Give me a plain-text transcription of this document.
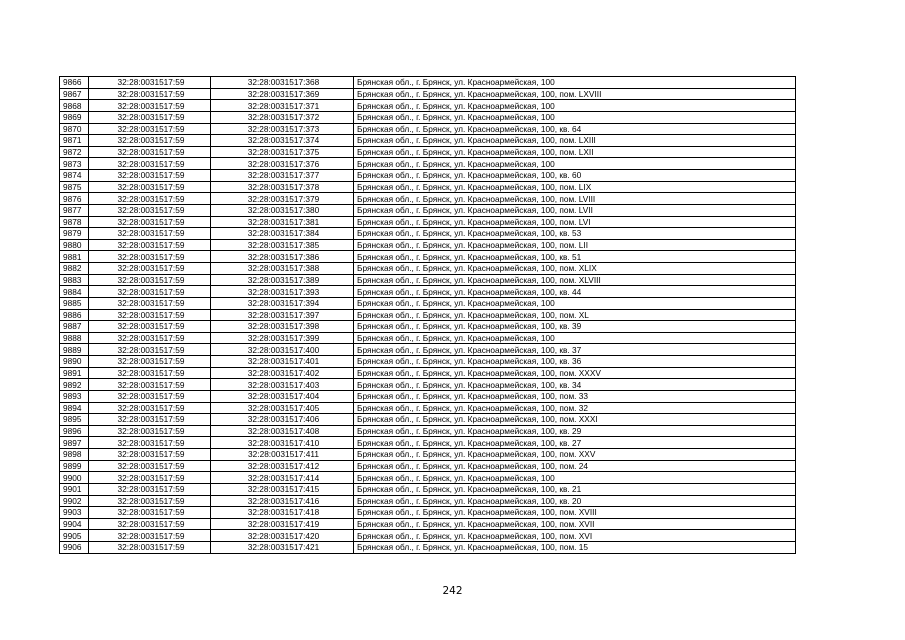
9866	32:28:0031517:59	32:28:0031517:368	Брянская обл., г. Брянск, ул. Красноармейская, 100
9867	32:28:0031517:59	32:28:0031517:369	Брянская обл., г. Брянск, ул. Красноармейская, 100, пом. LXVIII
9868	32:28:0031517:59	32:28:0031517:371	Брянская обл., г. Брянск, ул. Красноармейская, 100
9869	32:28:0031517:59	32:28:0031517:372	Брянская обл., г. Брянск, ул. Красноармейская, 100
9870	32:28:0031517:59	32:28:0031517:373	Брянская обл., г. Брянск, ул. Красноармейская, 100, кв. 64
9871	32:28:0031517:59	32:28:0031517:374	Брянская обл., г. Брянск, ул. Красноармейская, 100, пом. LXIII
9872	32:28:0031517:59	32:28:0031517:375	Брянская обл., г. Брянск, ул. Красноармейская, 100, пом. LXII
9873	32:28:0031517:59	32:28:0031517:376	Брянская обл., г. Брянск, ул. Красноармейская, 100
9874	32:28:0031517:59	32:28:0031517:377	Брянская обл., г. Брянск, ул. Красноармейская, 100, кв. 60
9875	32:28:0031517:59	32:28:0031517:378	Брянская обл., г. Брянск, ул. Красноармейская, 100, пом. LIX
9876	32:28:0031517:59	32:28:0031517:379	Брянская обл., г. Брянск, ул. Красноармейская, 100, пом. LVIII
9877	32:28:0031517:59	32:28:0031517:380	Брянская обл., г. Брянск, ул. Красноармейская, 100, пом. LVII
9878	32:28:0031517:59	32:28:0031517:381	Брянская обл., г. Брянск, ул. Красноармейская, 100, пом. LVI
9879	32:28:0031517:59	32:28:0031517:384	Брянская обл., г. Брянск, ул. Красноармейская, 100, кв. 53
9880	32:28:0031517:59	32:28:0031517:385	Брянская обл., г. Брянск, ул. Красноармейская, 100, пом. LII
9881	32:28:0031517:59	32:28:0031517:386	Брянская обл., г. Брянск, ул. Красноармейская, 100, кв. 51
9882	32:28:0031517:59	32:28:0031517:388	Брянская обл., г. Брянск, ул. Красноармейская, 100, пом. XLIX
9883	32:28:0031517:59	32:28:0031517:389	Брянская обл., г. Брянск, ул. Красноармейская, 100, пом. XLVIII
9884	32:28:0031517:59	32:28:0031517:393	Брянская обл., г. Брянск, ул. Красноармейская, 100, кв. 44
9885	32:28:0031517:59	32:28:0031517:394	Брянская обл., г. Брянск, ул. Красноармейская, 100
9886	32:28:0031517:59	32:28:0031517:397	Брянская обл., г. Брянск, ул. Красноармейская, 100, пом. XL
9887	32:28:0031517:59	32:28:0031517:398	Брянская обл., г. Брянск, ул. Красноармейская, 100, кв. 39
9888	32:28:0031517:59	32:28:0031517:399	Брянская обл., г. Брянск, ул. Красноармейская, 100
9889	32:28:0031517:59	32:28:0031517:400	Брянская обл., г. Брянск, ул. Красноармейская, 100, кв. 37
9890	32:28:0031517:59	32:28:0031517:401	Брянская обл., г. Брянск, ул. Красноармейская, 100, кв. 36
9891	32:28:0031517:59	32:28:0031517:402	Брянская обл., г. Брянск, ул. Красноармейская, 100, пом. XXXV
9892	32:28:0031517:59	32:28:0031517:403	Брянская обл., г. Брянск, ул. Красноармейская, 100, кв. 34
9893	32:28:0031517:59	32:28:0031517:404	Брянская обл., г. Брянск, ул. Красноармейская, 100, пом. 33
9894	32:28:0031517:59	32:28:0031517:405	Брянская обл., г. Брянск, ул. Красноармейская, 100, пом. 32
9895	32:28:0031517:59	32:28:0031517:406	Брянская обл., г. Брянск, ул. Красноармейская, 100, пом. XXXI
9896	32:28:0031517:59	32:28:0031517:408	Брянская обл., г. Брянск, ул. Красноармейская, 100, кв. 29
9897	32:28:0031517:59	32:28:0031517:410	Брянская обл., г. Брянск, ул. Красноармейская, 100, кв. 27
9898	32:28:0031517:59	32:28:0031517:411	Брянская обл., г. Брянск, ул. Красноармейская, 100, пом. XXV
9899	32:28:0031517:59	32:28:0031517:412	Брянская обл., г. Брянск, ул. Красноармейская, 100, пом. 24
9900	32:28:0031517:59	32:28:0031517:414	Брянская обл., г. Брянск, ул. Красноармейская, 100
9901	32:28:0031517:59	32:28:0031517:415	Брянская обл., г. Брянск, ул. Красноармейская, 100, кв. 21
9902	32:28:0031517:59	32:28:0031517:416	Брянская обл., г. Брянск, ул. Красноармейская, 100, кв. 20
9903	32:28:0031517:59	32:28:0031517:418	Брянская обл., г. Брянск, ул. Красноармейская, 100, пом. XVIII
9904	32:28:0031517:59	32:28:0031517:419	Брянская обл., г. Брянск, ул. Красноармейская, 100, пом. XVII
9905	32:28:0031517:59	32:28:0031517:420	Брянская обл., г. Брянск, ул. Красноармейская, 100, пом. XVI
9906	32:28:0031517:59	32:28:0031517:421	Брянская обл., г. Брянск, ул. Красноармейская, 100, пом. 15
242
